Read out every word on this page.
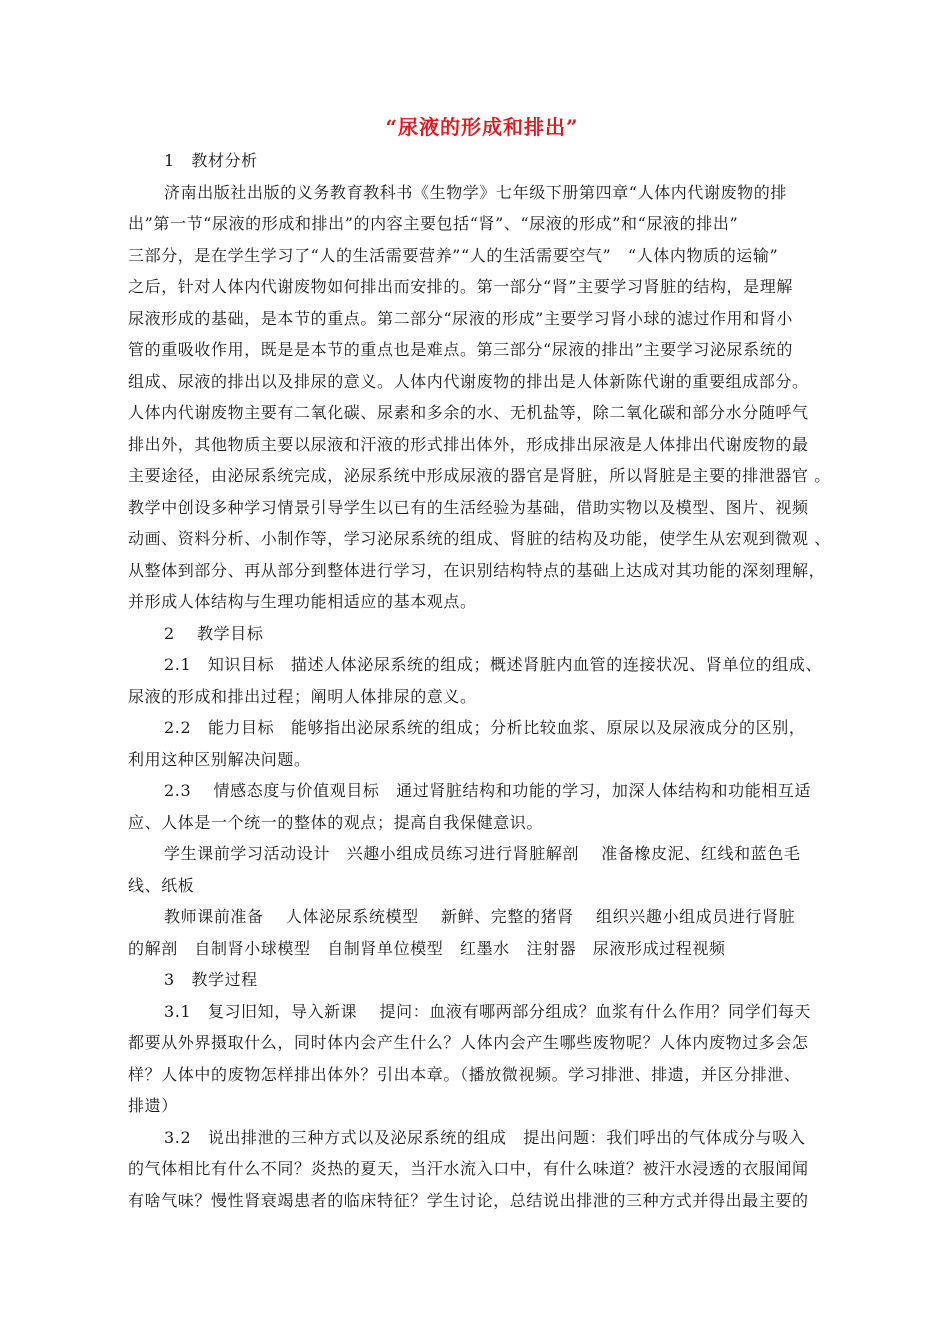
“尿液的形成和排出”

1　教材分析

济南出版社出版的义务教育教科书《生物学》七年级下册第四章“人体内代谢废物的排

出”第一节“尿液的形成和排出”的内容主要包括“肾”、“尿液的形成”和“尿液的排出”

三部分，是在学生学习了“人的生活需要营养”“人的生活需要空气”　“人体内物质的运输”

之后，针对人体内代谢废物如何排出而安排的。第一部分“肾”主要学习肾脏的结构，是理解

尿液形成的基础，是本节的重点。第二部分“尿液的形成”主要学习肾小球的滤过作用和肾小

管的重吸收作用，既是是本节的重点也是难点。第三部分“尿液的排出”主要学习泌尿系统的

组成、尿液的排出以及排尿的意义。人体内代谢废物的排出是人体新陈代谢的重要组成部分。

人体内代谢废物主要有二氧化碳、尿素和多余的水、无机盐等，除二氧化碳和部分水分随呼气

排出外，其他物质主要以尿液和汗液的形式排出体外，形成排出尿液是人体排出代谢废物的最

主要途径，由泌尿系统完成，泌尿系统中形成尿液的器官是肾脏，所以肾脏是主要的排泄器官 。

教学中创设多种学习情景引导学生以已有的生活经验为基础，借助实物以及模型、图片、视频

动画、资料分析、小制作等，学习泌尿系统的组成、肾脏的结构及功能，使学生从宏观到微观 、

从整体到部分、再从部分到整体进行学习，在识别结构特点的基础上达成对其功能的深刻理解，

并形成人体结构与生理功能相适应的基本观点。

2　 教学目标

2.1　知识目标　描述人体泌尿系统的组成；概述肾脏内血管的连接状况、肾单位的组成、

尿液的形成和排出过程；阐明人体排尿的意义。

2.2　能力目标　能够指出泌尿系统的组成；分析比较血浆、原尿以及尿液成分的区别，

利用这种区别解决问题。

2.3　 情感态度与价值观目标　通过肾脏结构和功能的学习，加深人体结构和功能相互适

应、人体是一个统一的整体的观点；提高自我保健意识。

学生课前学习活动设计　兴趣小组成员练习进行肾脏解剖　 准备橡皮泥、红线和蓝色毛

线、纸板

教师课前准备　 人体泌尿系统模型　 新鲜、完整的猪肾　 组织兴趣小组成员进行肾脏

的解剖　自制肾小球模型　自制肾单位模型　红墨水　注射器　尿液形成过程视频

3　教学过程

3.1　复习旧知，导入新课　 提问：血液有哪两部分组成？血浆有什么作用？同学们每天

都要从外界摄取什么，同时体内会产生什么？人体内会产生哪些废物呢？人体内废物过多会怎

样？人体中的废物怎样排出体外？引出本章。（播放微视频。学习排泄、排遗，并区分排泄、

排遗）

3.2　说出排泄的三种方式以及泌尿系统的组成　提出问题：我们呼出的气体成分与吸入

的气体相比有什么不同？炎热的夏天，当汗水流入口中，有什么味道？被汗水浸透的衣服闻闻

有啥气味？慢性肾衰竭患者的临床特征？学生讨论，总结说出排泄的三种方式并得出最主要的
